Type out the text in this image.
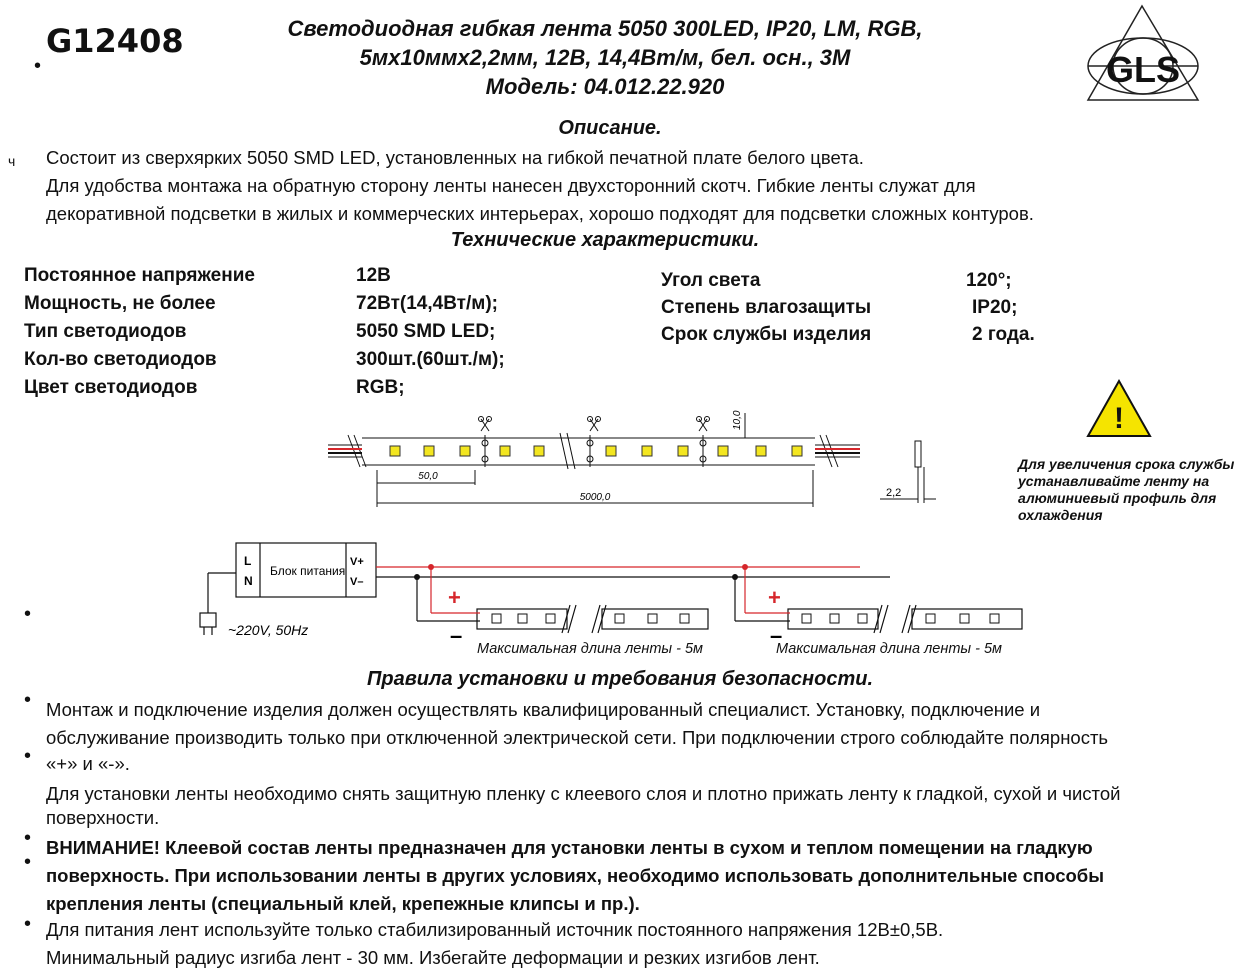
G12408
•
Светодиодная гибкая лента 5050 300LED, IP20, LM, RGB,
5мх10ммх2,2мм, 12В, 14,4Вт/м, бел. осн., 3М
Модель: 04.012.22.920	GLS
Описание.
ч Состоит из сверхярких 5050 SMD LED, установленных на гибкой печатной плате белого цвета.
Для удобства монтажа на обратную сторону ленты нанесен двухсторонний скотч. Гибкие ленты служат для
декоративной подсветки в жилых и коммерческих интерьерах, хорошо подходят для подсветки сложных контуров.
Технические характеристики.
Постоянное напряжение	12В
Мощность, не более	72Вт(14,4Вт/м);
Тип светодиодов	5050 SMD LED;
Кол-во светодиодов	300шт.(60шт./м);
Цвет светодиодов	RGB;
Угол света	120°;
Степень влагозащиты	IP20;
Срок службы изделия	2 года.
!
Для увеличения срока службы
устанавливайте ленту на
алюминиевый профиль для
охлаждения
50,0
5000,0
10,0
2,2
L
N
Блок питания
V+
V–
~220V, 50Hz
+	+
–	–
Максимальная длина ленты - 5м	Максимальная длина ленты - 5м
•
Правила установки и требования безопасности.
• Монтаж и подключение изделия должен осуществлять квалифицированный специалист. Установку, подключение и
обслуживание производить только при отключенной электрической сети. При подключении строго соблюдайте полярность
• «+» и «-».
Для установки ленты необходимо снять защитную пленку с клеевого слоя и плотно прижать ленту к гладкой, сухой и чистой
поверхности.
•
•
ВНИМАНИЕ! Клеевой состав ленты предназначен для установки ленты в сухом и теплом помещении на гладкую
поверхность. При использовании ленты в других условиях, необходимо использовать дополнительные способы
крепления ленты (специальный клей, крепежные клипсы и пр.).
• Для питания лент используйте только стабилизированный источник постоянного напряжения 12В±0,5В.
Минимальный радиус изгиба лент - 30 мм. Избегайте деформации и резких изгибов лент.
